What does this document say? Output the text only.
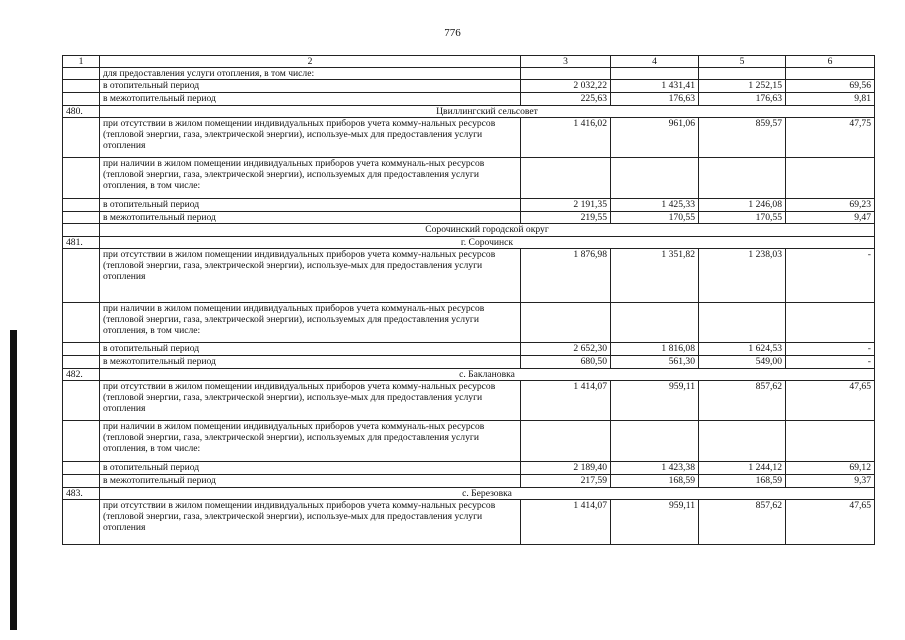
776
1	2	3	4	5	6
	для предоставления услуги отопления, в том числе:				
	в отопительный период	2 032,22	1 431,41	1 252,15	69,56
	в межотопительный период	225,63	176,63	176,63	9,81
480.	Цвиллингский сельсовет				
	при отсутствии в жилом помещении индивидуальных приборов учета комму-нальных ресурсов (тепловой энергии, газа, электрической энергии), используе-мых для предоставления услуги отопления	1 416,02	961,06	859,57	47,75
	при наличии в жилом помещении индивидуальных приборов учета коммуналь-ных ресурсов (тепловой энергии, газа, электрической энергии), используемых для предоставления услуги отопления, в том числе:				
	в отопительный период	2 191,35	1 425,33	1 246,08	69,23
	в межотопительный период	219,55	170,55	170,55	9,47
	Сорочинский городской округ				
481.	г. Сорочинск				
	при отсутствии в жилом помещении индивидуальных приборов учета комму-нальных ресурсов (тепловой энергии, газа, электрической энергии), используе-мых для предоставления услуги отопления	1 876,98	1 351,82	1 238,03	-
	при наличии в жилом помещении индивидуальных приборов учета коммуналь-ных ресурсов (тепловой энергии, газа, электрической энергии), используемых для предоставления услуги отопления, в том числе:				
	в отопительный период	2 652,30	1 816,08	1 624,53	-
	в межотопительный период	680,50	561,30	549,00	-
482.	с. Баклановка				
	при отсутствии в жилом помещении индивидуальных приборов учета комму-нальных ресурсов (тепловой энергии, газа, электрической энергии), используе-мых для предоставления услуги отопления	1 414,07	959,11	857,62	47,65
	при наличии в жилом помещении индивидуальных приборов учета коммуналь-ных ресурсов (тепловой энергии, газа, электрической энергии), используемых для предоставления услуги отопления, в том числе:				
	в отопительный период	2 189,40	1 423,38	1 244,12	69,12
	в межотопительный период	217,59	168,59	168,59	9,37
483.	с. Березовка				
	при отсутствии в жилом помещении индивидуальных приборов учета комму-нальных ресурсов (тепловой энергии, газа, электрической энергии), используе-мых для предоставления услуги отопления	1 414,07	959,11	857,62	47,65
